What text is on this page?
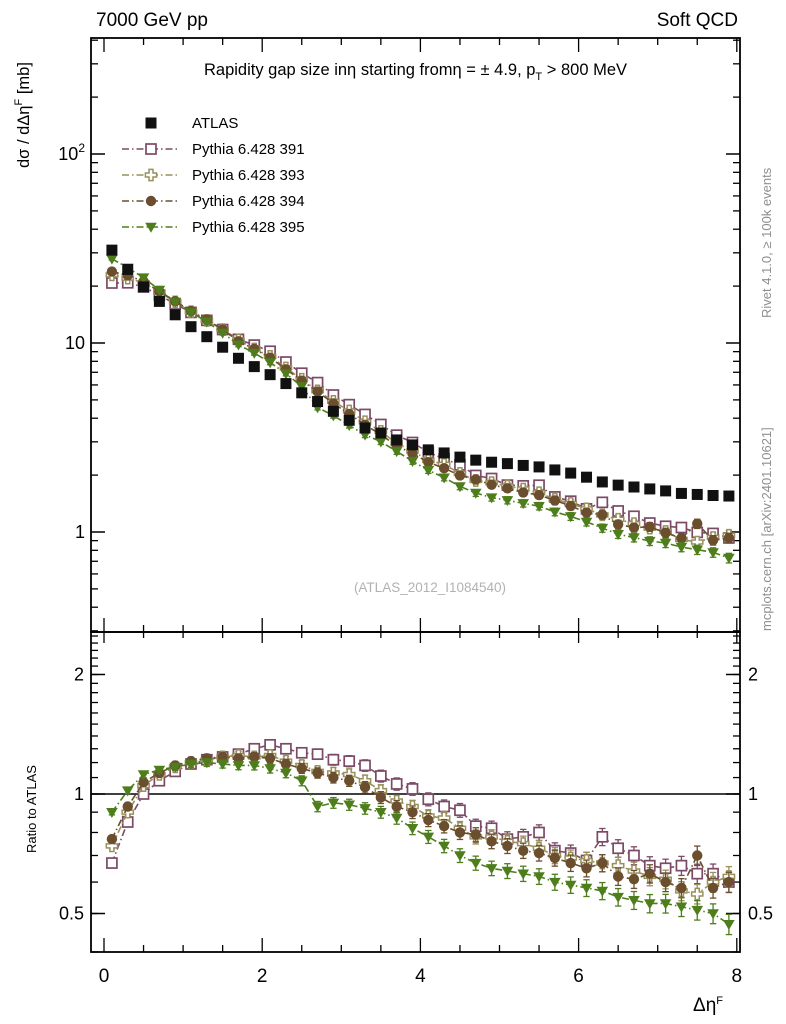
7000 GeV pp	Soft QCD
0	2	4	6	8
$10^2$
10
1
2	2
1	1
0.5	0.5
Rapidity gap size inη starting fromη = ± 4.9, $p_T > 800$ MeV
ATLAS
Pythia 6.428 391
Pythia 6.428 393
Pythia 6.428 394
Pythia 6.428 395
dσ / dΔη$^F$ [mb]
Ratio to ATLAS
$\Delta\eta^F$
Rivet 4.1.0, ≥ 100k events
mcplots.cern.ch [arXiv:2401.10621]
(ATLAS_2012_I1084540)
